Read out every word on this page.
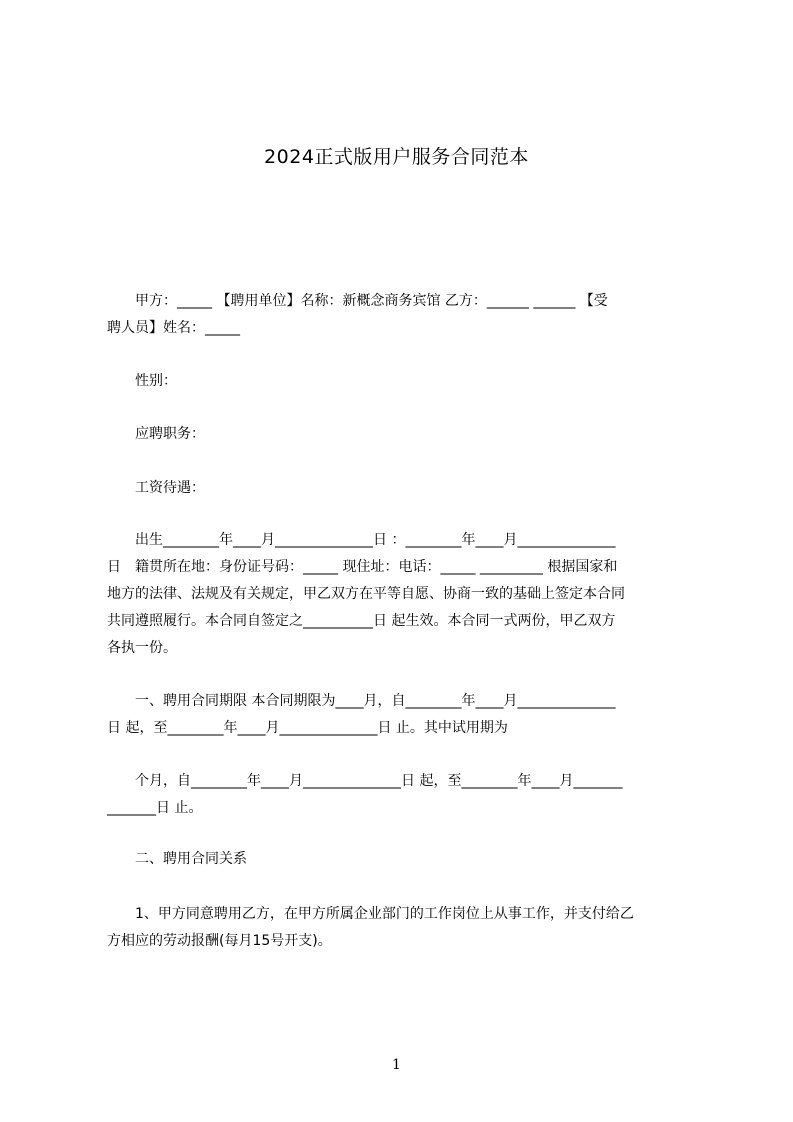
2024正式版用户服务合同范本
甲方：_____ 【聘用单位】名称：新概念商务宾馆 乙方：______ ______ 【受
聘人员】姓名：_____
性别：
应聘职务：
工资待遇：
出生________年____月______________日 ：________年____月______________
日　籍贯所在地：身份证号码：_____ 现住址：电话：_____ _________ 根据国家和
地方的法律、法规及有关规定，甲乙双方在平等自愿、协商一致的基础上签定本合同
共同遵照履行。本合同自签定之__________日 起生效。本合同一式两份，甲乙双方
各执一份。
一、聘用合同期限 本合同期限为____月，自________年____月______________
日 起，至________年____月______________日 止。其中试用期为
个月，自________年____月______________日 起，至________年____月_______
_______日 止。
二、聘用合同关系
1、甲方同意聘用乙方，在甲方所属企业部门的工作岗位上从事工作，并支付给乙
方相应的劳动报酬(每月15号开支)。
1
